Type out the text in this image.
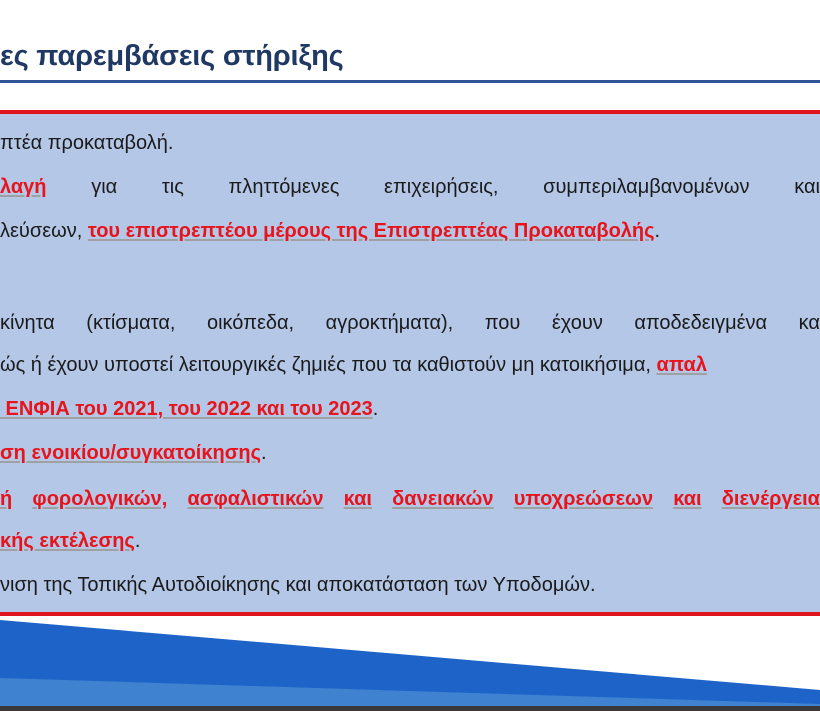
ες παρεμβάσεις στήριξης
πτέα προκαταβολή.
λαγή για τις πληττόμενες επιχειρήσεις, συμπεριλαμβανομένων και
λεύσεων, του επιστρεπτέου μέρους της Επιστρεπτέας Προκαταβολής.
κίνητα (κτίσματα, οικόπεδα, αγροκτήματα), που έχουν αποδεδειγμένα κα
ώς ή έχουν υποστεί λειτουργικές ζημιές που τα καθιστούν μη κατοικήσιμα, απαλ
ΕΝΦΙΑ του 2021, του 2022 και του 2023.
ση ενοικίου/συγκατοίκησης.
ή φορολογικών, ασφαλιστικών και δανειακών υποχρεώσεων και διενέργεια
κής εκτέλεσης.
νιση της Τοπικής Αυτοδιοίκησης και αποκατάσταση των Υποδομών.
